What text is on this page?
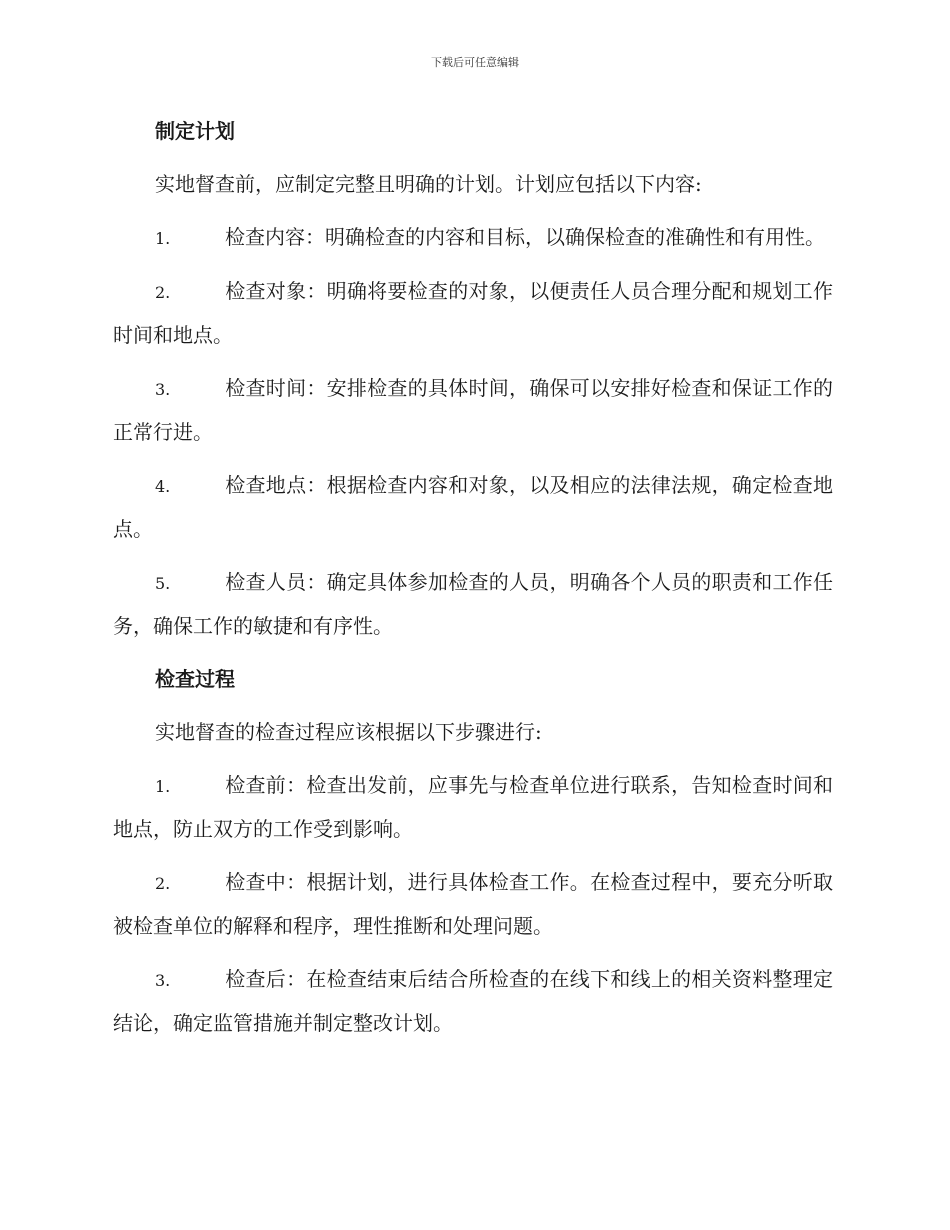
下载后可任意编辑
制定计划
实地督查前，应制定完整且明确的计划。计划应包括以下内容:
1.	检查内容：明确检查的内容和目标，以确保检查的准确性和有用性。
2.	检查对象：明确将要检查的对象，以便责任人员合理分配和规划工作时间和地点。
3.	检查时间：安排检查的具体时间，确保可以安排好检查和保证工作的正常行进。
4.	检查地点：根据检查内容和对象，以及相应的法律法规，确定检查地点。
5.	检查人员：确定具体参加检查的人员，明确各个人员的职责和工作任务，确保工作的敏捷和有序性。
检查过程
实地督查的检查过程应该根据以下步骤进行:
1.	检查前：检查出发前，应事先与检查单位进行联系，告知检查时间和地点，防止双方的工作受到影响。
2.	检查中：根据计划，进行具体检查工作。在检查过程中，要充分听取被检查单位的解释和程序，理性推断和处理问题。
3.	检查后：在检查结束后结合所检查的在线下和线上的相关资料整理定结论，确定监管措施并制定整改计划。
